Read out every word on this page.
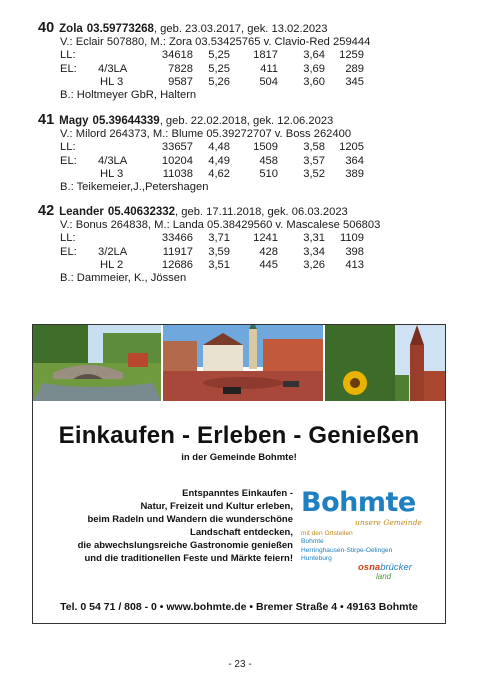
40 Zola 03.59773268, geb. 23.03.2017, gek. 13.02.2023
V.: Eclair 507880, M.: Zora 03.53425765 v. Clavio-Red 259444
LL:	34618 5,25 1817 3,64 1259
EL: 4/3LA	7828 5,25	411 3,69 289
HL 3	9587 5,26	504 3,60 345
B.: Holtmeyer GbR, Haltern
41 Magy 05.39644339, geb. 22.02.2018, gek. 12.06.2023
V.: Milord 264373, M.: Blume 05.39272707 v. Boss 262400
LL:	33657 4,48 1509 3,58 1205
EL: 4/3LA	10204 4,49	458 3,57 364
HL 3	11038 4,62	510 3,52 389
B.: Teikemeier,J.,Petershagen
42 Leander 05.40632332, geb. 17.11.2018, gek. 06.03.2023
V.: Bonus 264838, M.: Landa 05.38429560 v. Mascalese 506803
LL:	33466 3,71 1241 3,31 1109
EL: 3/2LA	11917 3,59	428 3,34 398
HL 2	12686 3,51	445 3,26 413
B.: Dammeier, K., Jössen
Einkaufen - Erleben - Genießen
in der Gemeinde Bohmte!
Entspanntes Einkaufen -
Natur, Freizeit und Kultur erleben,
beim Radeln und Wandern die wunderschöne
Landschaft entdecken,
die abwechslungsreiche Gastronomie genießen
und die traditionellen Feste und Märkte feiern!
Bohmte
unsere Gemeinde
mit den Ortsteilen
Bohmte
Herringhausen-Stirpe-Oelingen
Hunteburg
osnabrücker
land
Tel. 0 54 71 / 808 - 0 • www.bohmte.de • Bremer Straße 4 • 49163 Bohmte
- 23 -
